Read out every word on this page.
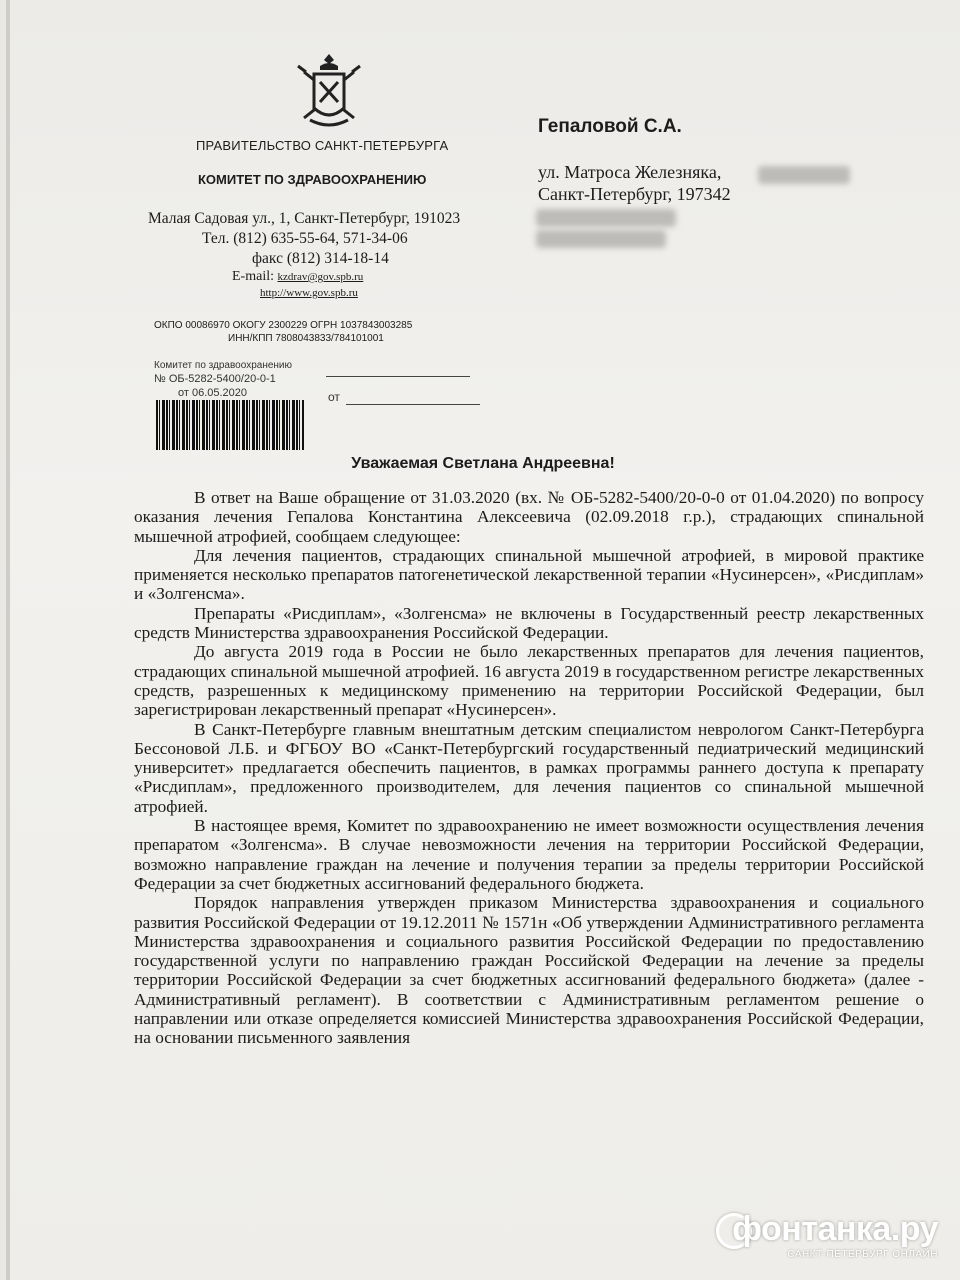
ПРАВИТЕЛЬСТВО САНКТ-ПЕТЕРБУРГА
КОМИТЕТ ПО ЗДРАВООХРАНЕНИЮ
Малая Садовая ул., 1, Санкт-Петербург, 191023
Тел. (812) 635-55-64, 571-34-06
факс (812) 314-18-14
E-mail: kzdrav@gov.spb.ru
http://www.gov.spb.ru
ОКПО 00086970 ОКОГУ 2300229 ОГРН 1037843003285
ИНН/КПП 7808043833/784101001
Гепаловой С.А.
ул. Матроса Железняка,
Санкт-Петербург, 197342
Комитет по здравоохранению
№ ОБ-5282-5400/20-0-1
от 06.05.2020	от
Уважаемая Светлана Андреевна!

В ответ на Ваше обращение от 31.03.2020 (вх. № ОБ-5282-5400/20-0-0 от 01.04.2020) по вопросу оказания лечения Гепалова Константина Алексеевича (02.09.2018 г.р.), страдающих спинальной мышечной атрофией, сообщаем следующее:

Для лечения пациентов, страдающих спинальной мышечной атрофией, в мировой практике применяется несколько препаратов патогенетической лекарственной терапии «Нусинерсен», «Рисдиплам» и «Золгенсма».

Препараты «Рисдиплам», «Золгенсма» не включены в Государственный реестр лекарственных средств Министерства здравоохранения Российской Федерации.

До августа 2019 года в России не было лекарственных препаратов для лечения пациентов, страдающих спинальной мышечной атрофией. 16 августа 2019 в государственном регистре лекарственных средств, разрешенных к медицинскому применению на территории Российской Федерации, был зарегистрирован лекарственный препарат «Нусинерсен».

В Санкт-Петербурге главным внештатным детским специалистом неврологом Санкт-Петербурга Бессоновой Л.Б. и ФГБОУ ВО «Санкт-Петербургский государственный педиатрический медицинский университет» предлагается обеспечить пациентов, в рамках программы раннего доступа к препарату «Рисдиплам», предложенного производителем, для лечения пациентов со спинальной мышечной атрофией.

В настоящее время, Комитет по здравоохранению не имеет возможности осуществления лечения препаратом «Золгенсма». В случае невозможности лечения на территории Российской Федерации, возможно направление граждан на лечение и получения терапии за пределы территории Российской Федерации за счет бюджетных ассигнований федерального бюджета.

Порядок направления утвержден приказом Министерства здравоохранения и социального развития Российской Федерации от 19.12.2011 № 1571н «Об утверждении Административного регламента Министерства здравоохранения и социального развития Российской Федерации по предоставлению государственной услуги по направлению граждан Российской Федерации на лечение за пределы территории Российской Федерации за счет бюджетных ассигнований федерального бюджета» (далее - Административный регламент). В соответствии с Административным регламентом решение о направлении или отказе определяется комиссией Министерства здравоохранения Российской Федерации, на основании письменного заявления

фонтанка.ру
САНКТ-ПЕТЕРБУРГ ОНЛАЙН
